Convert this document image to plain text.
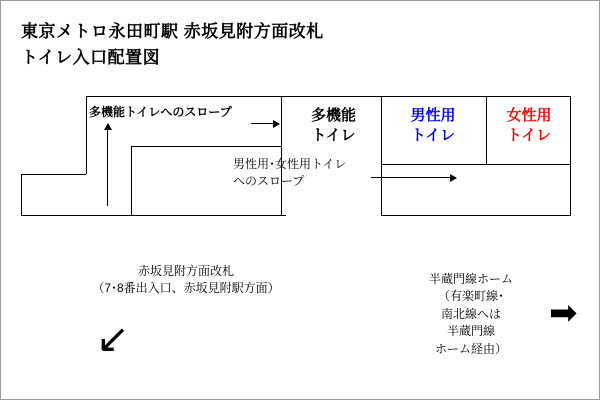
東京メトロ永田町駅 赤坂見附方面改札
トイレ入口配置図
多機能
トイレ
男性用
トイレ
女性用
トイレ
多機能トイレへのスロープ
男性用･女性用トイレ
へのスロープ
赤坂見附方面改札
（7･8番出入口、赤坂見附駅方面）
↙
半蔵門線ホーム
（有楽町線･
南北線へは
半蔵門線
ホーム経由）
➡
